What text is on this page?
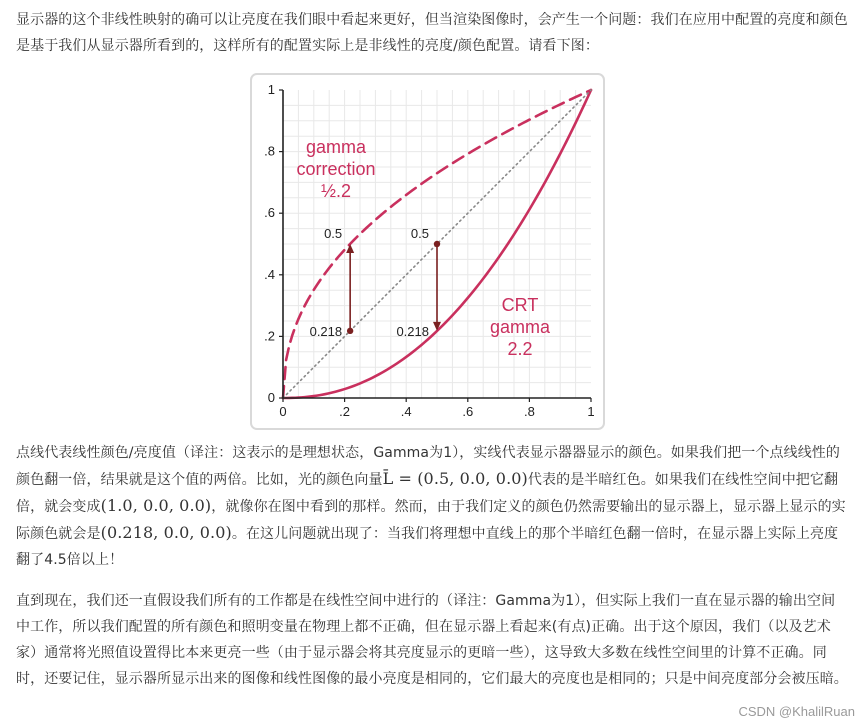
显示器的这个非线性映射的确可以让亮度在我们眼中看起来更好，但当渲染图像时，会产生一个问题：我们在应用中配置的亮度和颜色是基于我们从显示器所看到的，这样所有的配置实际上是非线性的亮度/颜色配置。请看下图：

0	.2	.4	.6	.8	1
0
.2
.4
.6
.8
1
0.5
0.218
0.5
0.218
gamma
correction
½.2
CRT
gamma
2.2

点线代表线性颜色/亮度值（译注：这表示的是理想状态，Gamma为1），实线代表显示器器显示的颜色。如果我们把一个点线线性的颜色翻一倍，结果就是这个值的两倍。比如，光的颜色向量L̄ = (0.5, 0.0, 0.0)代表的是半暗红色。如果我们在线性空间中把它翻倍，就会变成(1.0, 0.0, 0.0)，就像你在图中看到的那样。然而，由于我们定义的颜色仍然需要输出的显示器上，显示器上显示的实际颜色就会是(0.218, 0.0, 0.0)。在这儿问题就出现了：当我们将理想中直线上的那个半暗红色翻一倍时，在显示器上实际上亮度翻了4.5倍以上！

直到现在，我们还一直假设我们所有的工作都是在线性空间中进行的（译注：Gamma为1），但实际上我们一直在显示器的输出空间中工作，所以我们配置的所有颜色和照明变量在物理上都不正确，但在显示器上看起来(有点)正确。出于这个原因，我们（以及艺术家）通常将光照值设置得比本来更亮一些（由于显示器会将其亮度显示的更暗一些），这导致大多数在线性空间里的计算不正确。同时，还要记住，显示器所显示出来的图像和线性图像的最小亮度是相同的，它们最大的亮度也是相同的；只是中间亮度部分会被压暗。

CSDN @KhalilRuan
